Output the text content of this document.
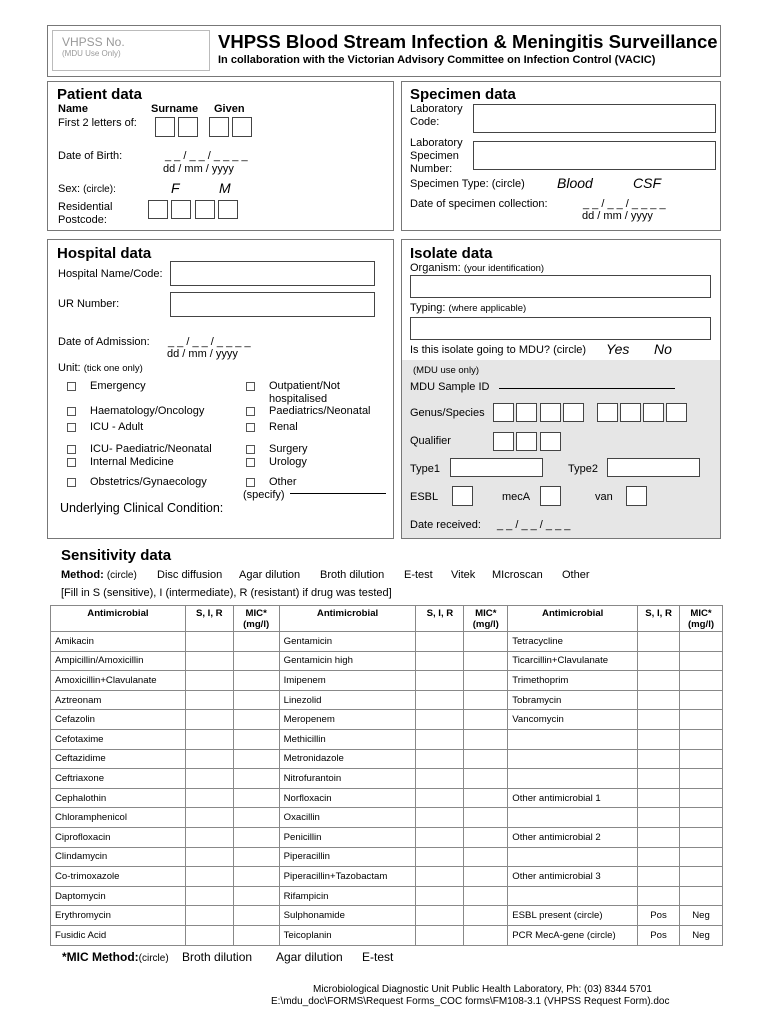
VHPSS No.
(MDU Use Only)
VHPSS Blood Stream Infection & Meningitis Surveillance
In collaboration with the Victorian Advisory Committee on Infection Control (VACIC)
Patient data
Name	Surname Given
First 2 letters of:
Date of Birth:	_ _ / _ _ / _ _ _ _
dd / mm / yyyy
Sex: (circle):	F	M
Residential
Postcode:
Specimen data
Laboratory
Code:
Laboratory
Specimen
Number:
Specimen Type: (circle) Blood	CSF
Date of specimen collection:	_ _ / _ _ / _ _ _ _
dd / mm / yyyy
Hospital data
Hospital Name/Code:
UR Number:
Date of Admission: _ _ / _ _ / _ _ _ _
dd / mm / yyyy
Unit: (tick one only)
Emergency
Haematology/Oncology
ICU - Adult
ICU- Paediatric/Neonatal
Internal Medicine
Obstetrics/Gynaecology
Outpatient/Not hospitalised
Paediatrics/Neonatal
Renal
Surgery
Urology
Other
(specify)
Underlying Clinical Condition:
Isolate data
Organism: (your identification)
Typing: (where applicable)
Is this isolate going to MDU? (circle) Yes No
(MDU use only)
MDU Sample ID
Genus/Species
Qualifier
Type1	Type2
ESBL	mecA	van
Date received: _ _ / _ _ / _ _ _
Sensitivity data
Method: (circle) Disc diffusion Agar dilution Broth dilution E-test Vitek MIcroscan Other
[Fill in S (sensitive), I (intermediate), R (resistant) if drug was tested]
Antimicrobial	S, I, R	MIC*
(mg/l)	Antimicrobial	S, I, R	MIC*
(mg/l)	Antimicrobial	S, I, R	MIC*
(mg/l)
Amikacin			Gentamicin			Tetracycline		
Ampicillin/Amoxicillin			Gentamicin high			Ticarcillin+Clavulanate		
Amoxicillin+Clavulanate			Imipenem			Trimethoprim		
Aztreonam			Linezolid			Tobramycin		
Cefazolin			Meropenem			Vancomycin		
Cefotaxime			Methicillin					
Ceftazidime			Metronidazole					
Ceftriaxone			Nitrofurantoin					
Cephalothin			Norfloxacin			Other antimicrobial 1		
Chloramphenicol			Oxacillin					
Ciprofloxacin			Penicillin			Other antimicrobial 2		
Clindamycin			Piperacillin					
Co-trimoxazole			Piperacillin+Tazobactam			Other antimicrobial 3		
Daptomycin			Rifampicin					
Erythromycin			Sulphonamide			ESBL present (circle)	Pos	Neg
Fusidic Acid			Teicoplanin			PCR MecA-gene (circle)	Pos	Neg
*MIC Method:(circle) Broth dilution Agar dilution E-test
Microbiological Diagnostic Unit Public Health Laboratory, Ph: (03) 8344 5701
E:\mdu_doc\FORMS\Request Forms_COC forms\FM108-3.1 (VHPSS Request Form).doc
